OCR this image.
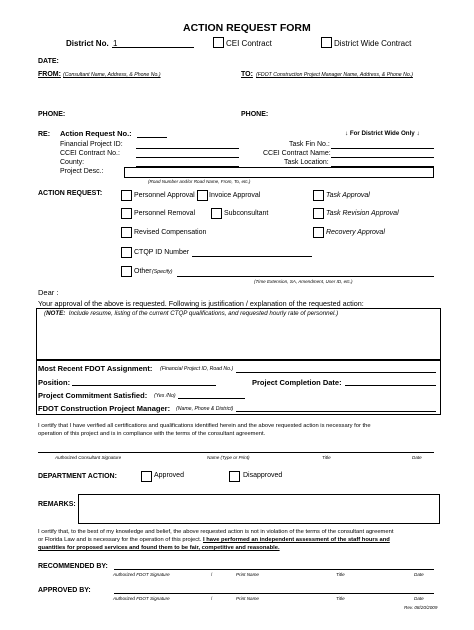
ACTION REQUEST FORM
District No. 1	CEI Contract	District Wide Contract
DATE:
FROM: (Consultant Name, Address, & Phone No.)	TO: (FDOT Construction Project Manager Name, Address, & Phone No.)
PHONE:	PHONE:
RE: Action Request No.:	↓ For District Wide Only ↓
Financial Project ID:	Task Fin No.:
CCEI Contract No.:	CCEI Contract Name:
County:	Task Location:
Project Desc.:
(Road Number and/or Road Name, From, To, etc.)
ACTION REQUEST:	Personnel Approval Invoice Approval	Task Approval
Personnel Removal	Subconsultant	Task Revision Approval
Revised Compensation	Recovery Approval
CTQP ID Number
Other (Specify)
(Time Extension, SA, Amendment, User ID, etc.)
Dear :
Your approval of the above is requested. Following is justification / explanation of the requested action:
(NOTE: Include resume, listing of the current CTQP qualifications, and requested hourly rate of personnel.)
Most Recent FDOT Assignment: (Financial Project ID, Road No.)
Position:	Project Completion Date:
Project Commitment Satisfied: (Yes /No)
FDOT Construction Project Manager: (Name, Phone & District)
I certify that I have verified all certifications and qualifications identified herein and the above requested action is necessary for the
operation of this project and is in compliance with the terms of the consultant agreement.
Authorized Consultant Signature	Name (Type or Print)	Title	Date
DEPARTMENT ACTION:	Approved	Disapproved
REMARKS:
I certify that, to the best of my knowledge and belief, the above requested action is not in violation of the terms of the consultant agreement
or Florida Law and is necessary for the operation of this project. I have performed an independent assessment of the staff hours and
quantities for proposed services and found them to be fair, competitive and reasonable.
RECOMMENDED BY:
Authorized FDOT Signature	/	Print Name	Title	Date
APPROVED BY:
Authorized FDOT Signature	/	Print Name	Title	Date
Rev. 08/20/2009
